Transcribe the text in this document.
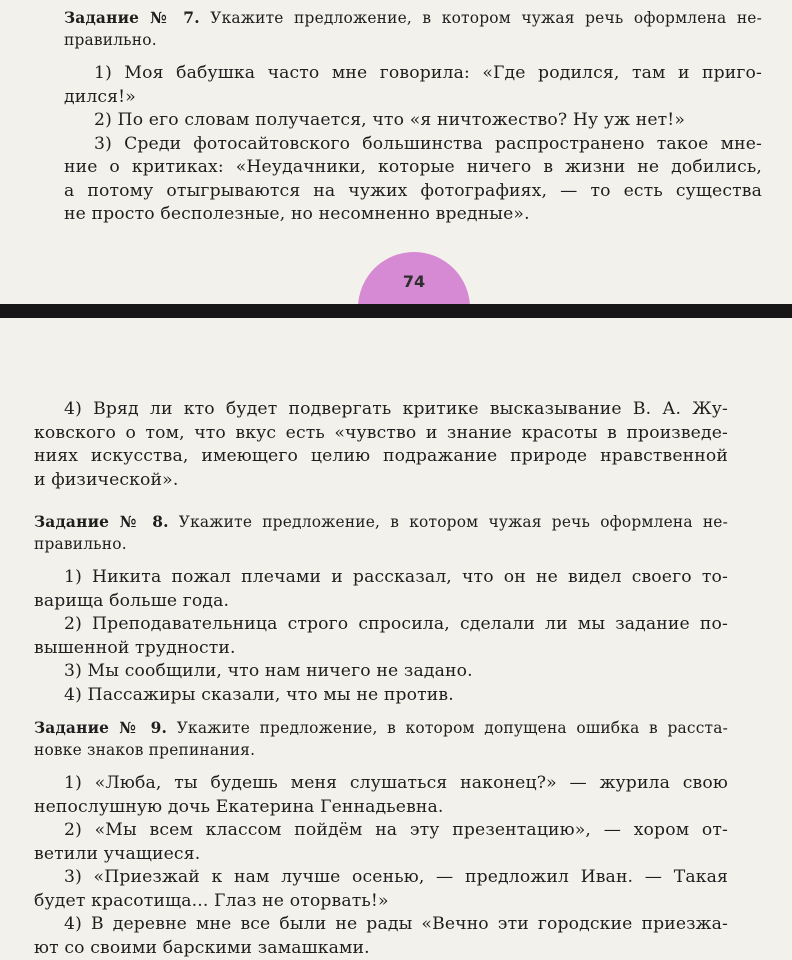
Задание № 7. Укажите предложение, в котором чужая речь оформлена не-
правильно.
1) Моя бабушка часто мне говорила: «Где родился, там и приго-
дился!»
2) По его словам получается, что «я ничтожество? Ну уж нет!»
3) Среди фотосайтовского большинства распространено такое мне-
ние о критиках: «Неудачники, которые ничего в жизни не добились,
а потому отыгрываются на чужих фотографиях, — то есть существа
не просто бесполезные, но несомненно вредные».
74
4) Вряд ли кто будет подвергать критике высказывание В. А. Жу-
ковского о том, что вкус есть «чувство и знание красоты в произведе-
ниях искусства, имеющего целию подражание природе нравственной
и физической».
Задание № 8. Укажите предложение, в котором чужая речь оформлена не-
правильно.
1) Никита пожал плечами и рассказал, что он не видел своего то-
варища больше года.
2) Преподавательница строго спросила, сделали ли мы задание по-
вышенной трудности.
3) Мы сообщили, что нам ничего не задано.
4) Пассажиры сказали, что мы не против.
Задание № 9. Укажите предложение, в котором допущена ошибка в расста-
новке знаков препинания.
1) «Люба, ты будешь меня слушаться наконец?» — журила свою
непослушную дочь Екатерина Геннадьевна.
2) «Мы всем классом пойдём на эту презентацию», — хором от-
ветили учащиеся.
3) «Приезжай к нам лучше осенью, — предложил Иван. — Такая
будет красотища... Глаз не оторвать!»
4) В деревне мне все были не рады «Вечно эти городские приезжа-
ют со своими барскими замашками.
